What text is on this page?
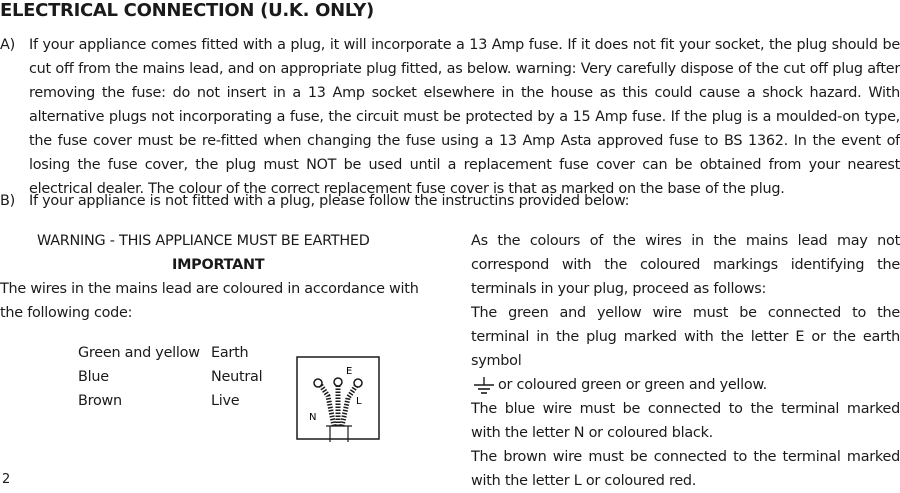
ELECTRICAL CONNECTION (U.K. ONLY)
A) If your appliance comes fitted with a plug, it will incorporate a 13 Amp fuse. If it does not fit your socket, the plug should be cut off from the mains lead, and on appropriate plug fitted, as below. warning: Very carefully dispose of the cut off plug after removing the fuse: do not insert in a 13 Amp socket elsewhere in the house as this could cause a shock hazard. With alternative plugs not incorporating a fuse, the circuit must be protected by a 15 Amp fuse. If the plug is a moulded-on type, the fuse cover must be re-fitted when changing the fuse using a 13 Amp Asta approved fuse to BS 1362. In the event of losing the fuse cover, the plug must NOT be used until a replacement fuse cover can be obtained from your nearest electrical dealer. The colour of the correct replacement fuse cover is that as marked on the base of the plug.
B) If your appliance is not fitted with a plug, please follow the instructins provided below:
WARNING - THIS APPLIANCE MUST BE EARTHED
IMPORTANT
The wires in the mains lead are coloured in accordance with the following code:
Green and yellow Earth
Blue	Neutral
Brown	Live
E
N
L
As the colours of the wires in the mains lead may not correspond with the coloured markings identifying the terminals in your plug, proceed as follows:
The green and yellow wire must be connected to the terminal in the plug marked with the letter E or the earth symbol
or coloured green or green and yellow.
The blue wire must be connected to the terminal marked with the letter N or coloured black.
The brown wire must be connected to the terminal marked with the letter L or coloured red.
2
